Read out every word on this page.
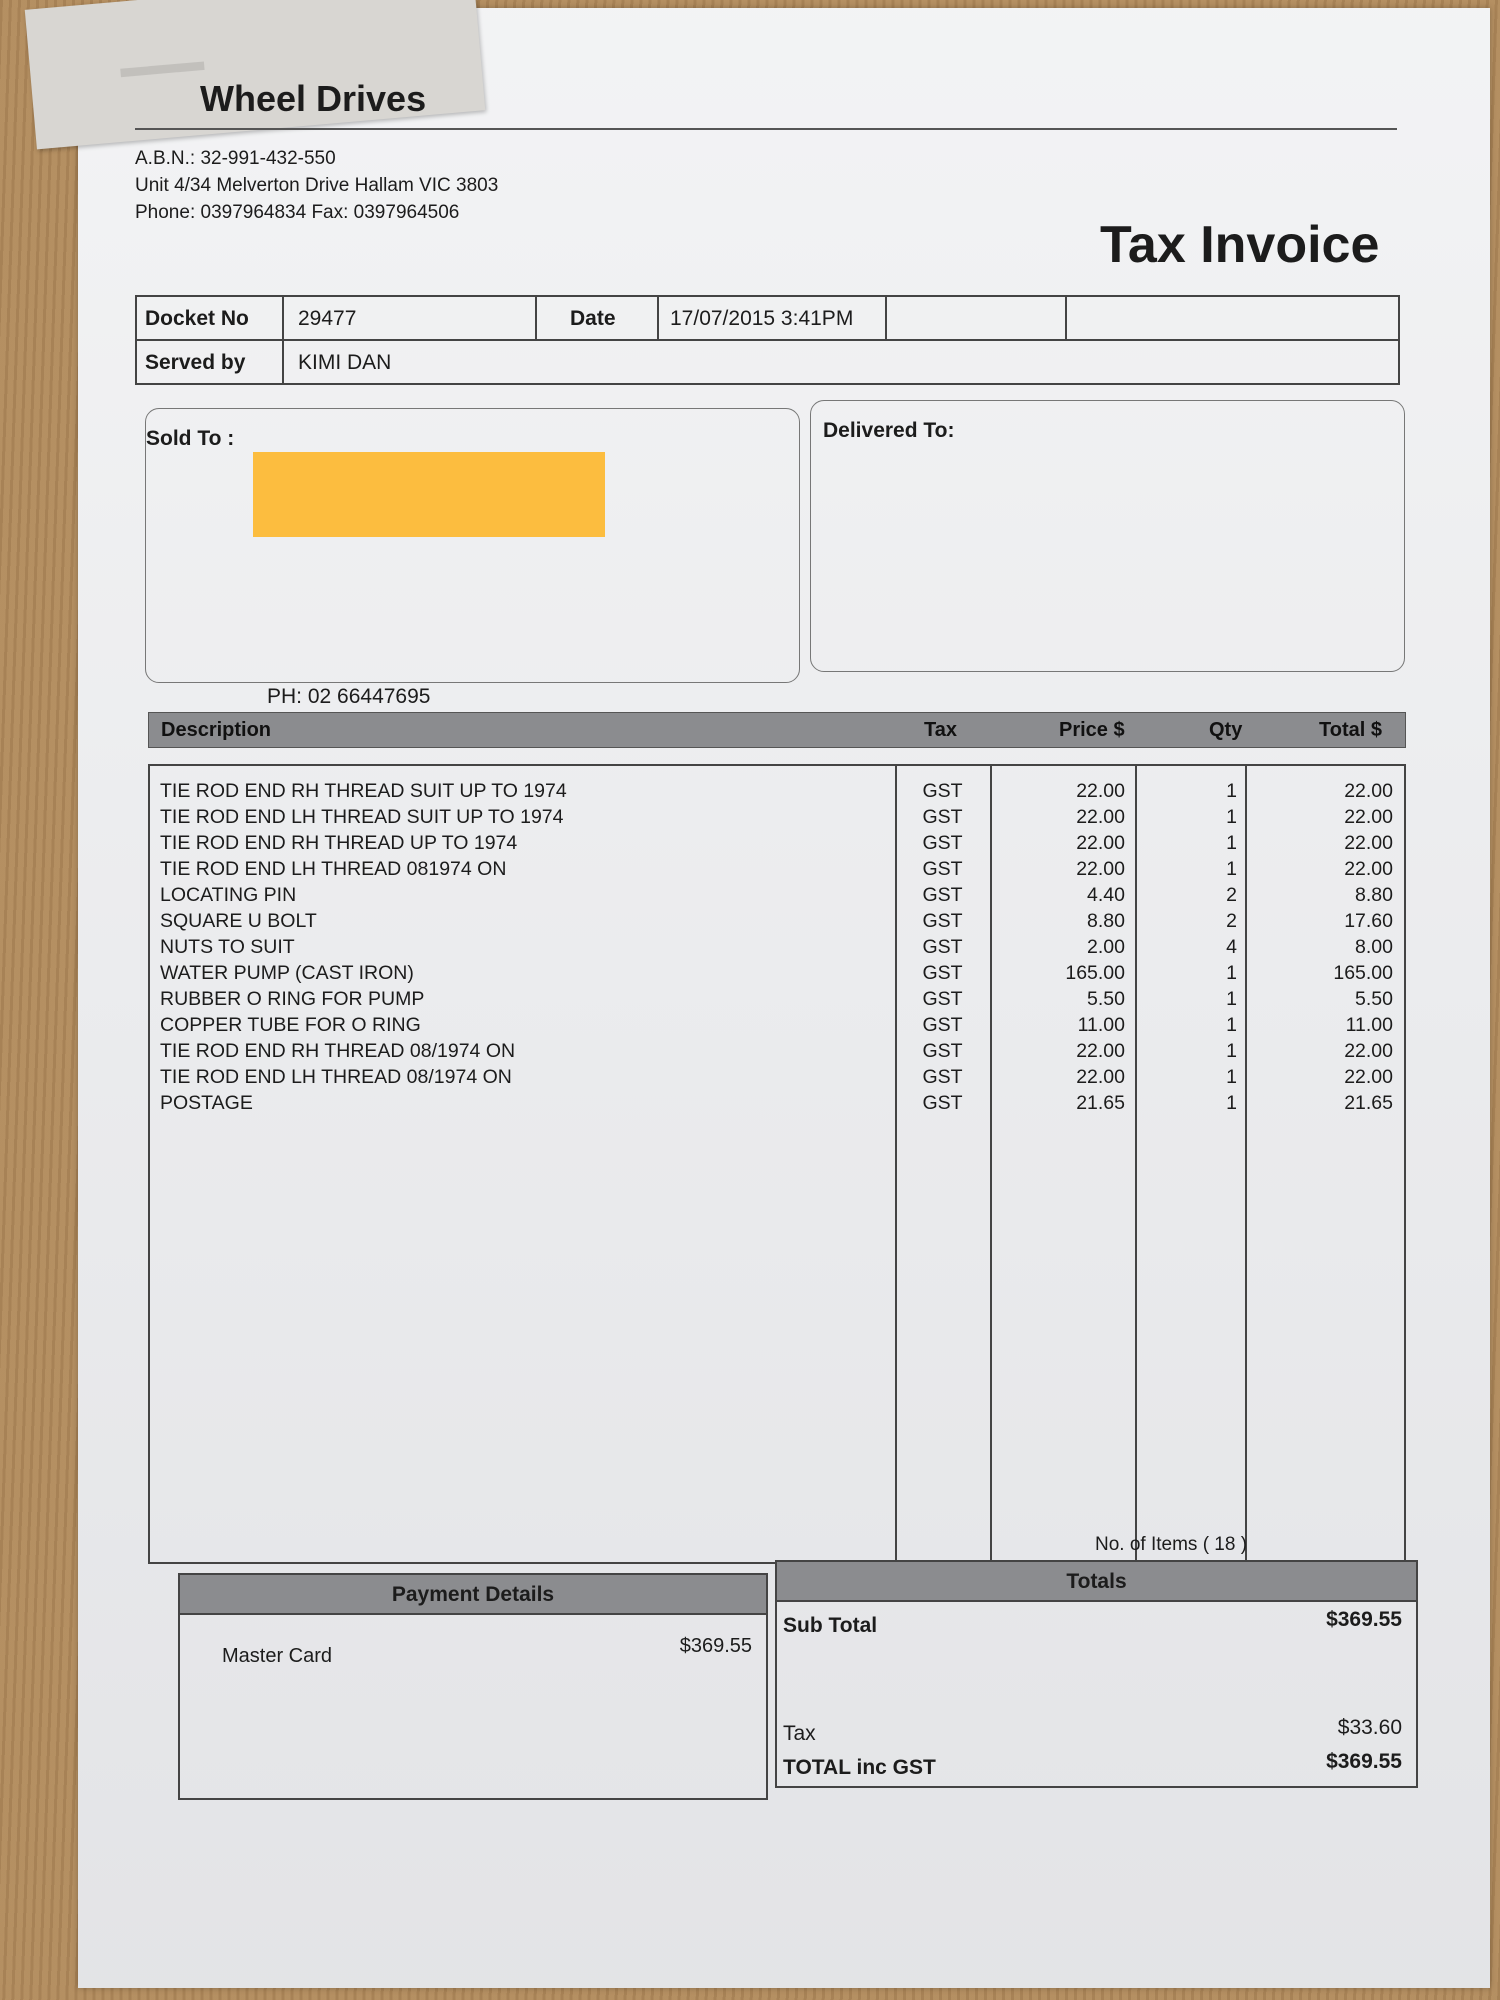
▬▬▬
Wheel Drives
A.B.N.: 32-991-432-550
Unit 4/34 Melverton Drive Hallam VIC 3803
Phone: 0397964834 Fax: 0397964506
Tax Invoice
Docket No	29477	Date	17/07/2015 3:41PM
Served by	KIMI DAN
Sold To :	Delivered To:
PH: 02 66447695
Description	Tax	Price $	Qty	Total $
TIE ROD END RH THREAD SUIT UP TO 1974	GST	22.00	1	22.00
TIE ROD END LH THREAD SUIT UP TO 1974	GST	22.00	1	22.00
TIE ROD END RH THREAD UP TO 1974	GST	22.00	1	22.00
TIE ROD END LH THREAD 081974 ON	GST	22.00	1	22.00
LOCATING PIN	GST	4.40	2	8.80
SQUARE U BOLT	GST	8.80	2	17.60
NUTS TO SUIT	GST	2.00	4	8.00
WATER PUMP (CAST IRON)	GST	165.00	1	165.00
RUBBER O RING FOR PUMP	GST	5.50	1	5.50
COPPER TUBE FOR O RING	GST	11.00	1	11.00
TIE ROD END RH THREAD 08/1974 ON	GST	22.00	1	22.00
TIE ROD END LH THREAD 08/1974 ON	GST	22.00	1	22.00
POSTAGE	GST	21.65	1	21.65
No. of Items ( 18 )
Payment Details
Master Card	$369.55
Totals
Sub Total	$369.55
Tax	$33.60
TOTAL inc GST	$369.55
